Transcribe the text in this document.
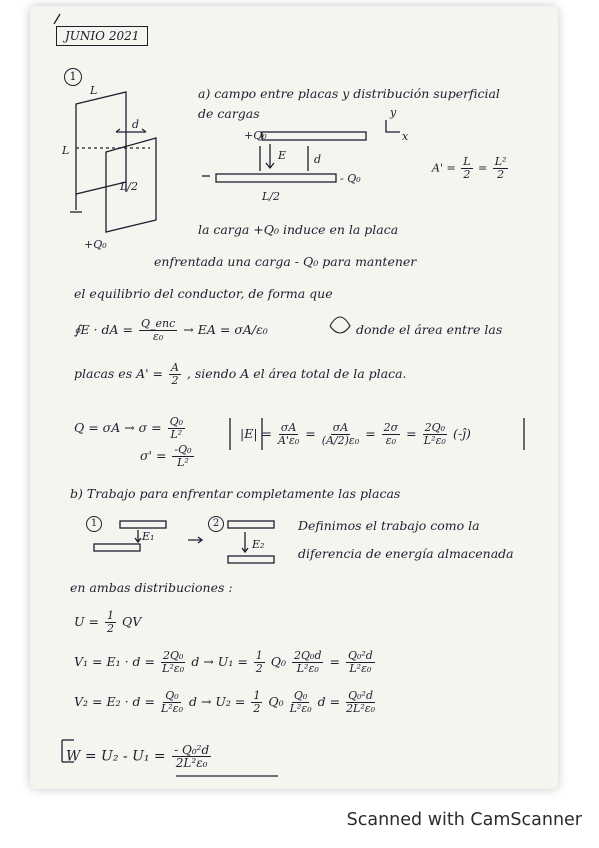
JUNIO 2021
1
a) campo entre placas y distribución superficial
de cargas
L
L
d
L/2
+Q₀
+Q₀
E	d
- Q₀
L/2
y
x
$A' = \frac{L}{2} = \frac{\text{L²}}{2}$
la carga +Q₀ induce en la placa
enfrentada una carga - Q₀ para mantener
el equilibrio del conductor, de forma que
∮E · dA = $\frac{\text{Q\_enc}}{\text{ε₀}}$ → EA = σA/ε₀	donde el área entre las
placas es $A' = \frac{A}{2}$ , siendo A el área total de la placa.
$Q = \sigma A \to \sigma = \frac{\text{Q₀}}{\text{L²}}$
$\sigma' = \frac{\text{-Q₀}}{\text{L²}}$
$|E| = \frac{\sigma A}{\text{A'ε₀}} = \frac{\sigma A}{\text{(A/2)ε₀}} = \frac{2\sigma}{\text{ε₀}} = \frac{\text{2Q₀}}{\text{L²ε₀}}$ (-ĵ)
b) Trabajo para enfrentar completamente las placas
1	2
E₁
E₂
Definimos el trabajo como la
diferencia de energía almacenada
en ambas distribuciones :
$U = \frac{1}{2}$ QV
$V_1 = E_1 \cdot d = \frac{\text{2Q₀}}{\text{L²ε₀}}$ $d \to U_1 = \frac{1}{2} Q_0 \frac{\text{2Q₀d}}{\text{L²ε₀}} = \frac{\text{Q₀²d}}{\text{L²ε₀}}$
$V_2 = E_2 \cdot d = \frac{\text{Q₀}}{\text{L²ε₀}}$ $d \to U_2 = \frac{1}{2} Q_0 \frac{\text{Q₀}}{\text{L²ε₀}}$ $d = \frac{\text{Q₀²d}}{\text{2L²ε₀}}$
$W = U_2 - U_1 = \frac{\text{- Q₀²d}}{\text{2L²ε₀}}$
Scanned with CamScanner
